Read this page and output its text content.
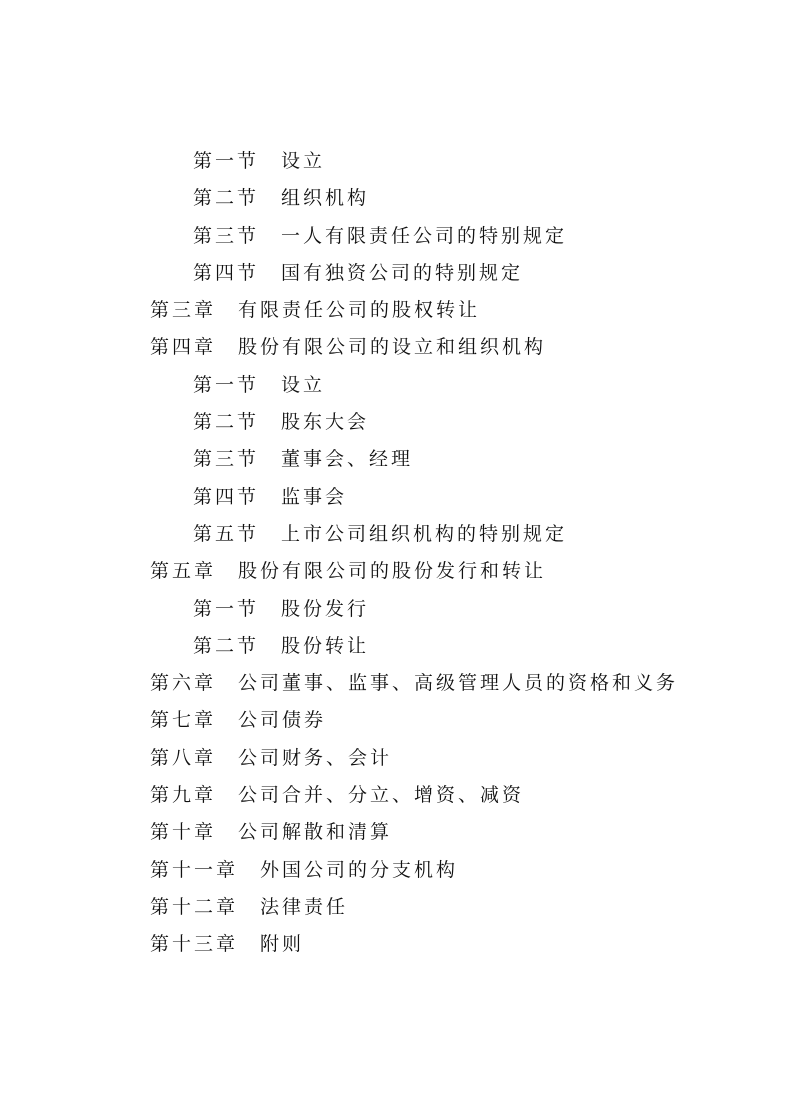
第一节 设立
第二节 组织机构
第三节 一人有限责任公司的特别规定
第四节 国有独资公司的特别规定
第三章 有限责任公司的股权转让
第四章 股份有限公司的设立和组织机构
第一节 设立
第二节 股东大会
第三节 董事会、经理
第四节 监事会
第五节 上市公司组织机构的特别规定
第五章 股份有限公司的股份发行和转让
第一节 股份发行
第二节 股份转让
第六章 公司董事、监事、高级管理人员的资格和义务
第七章 公司债券
第八章 公司财务、会计
第九章 公司合并、分立、增资、减资
第十章 公司解散和清算
第十一章 外国公司的分支机构
第十二章 法律责任
第十三章 附则
